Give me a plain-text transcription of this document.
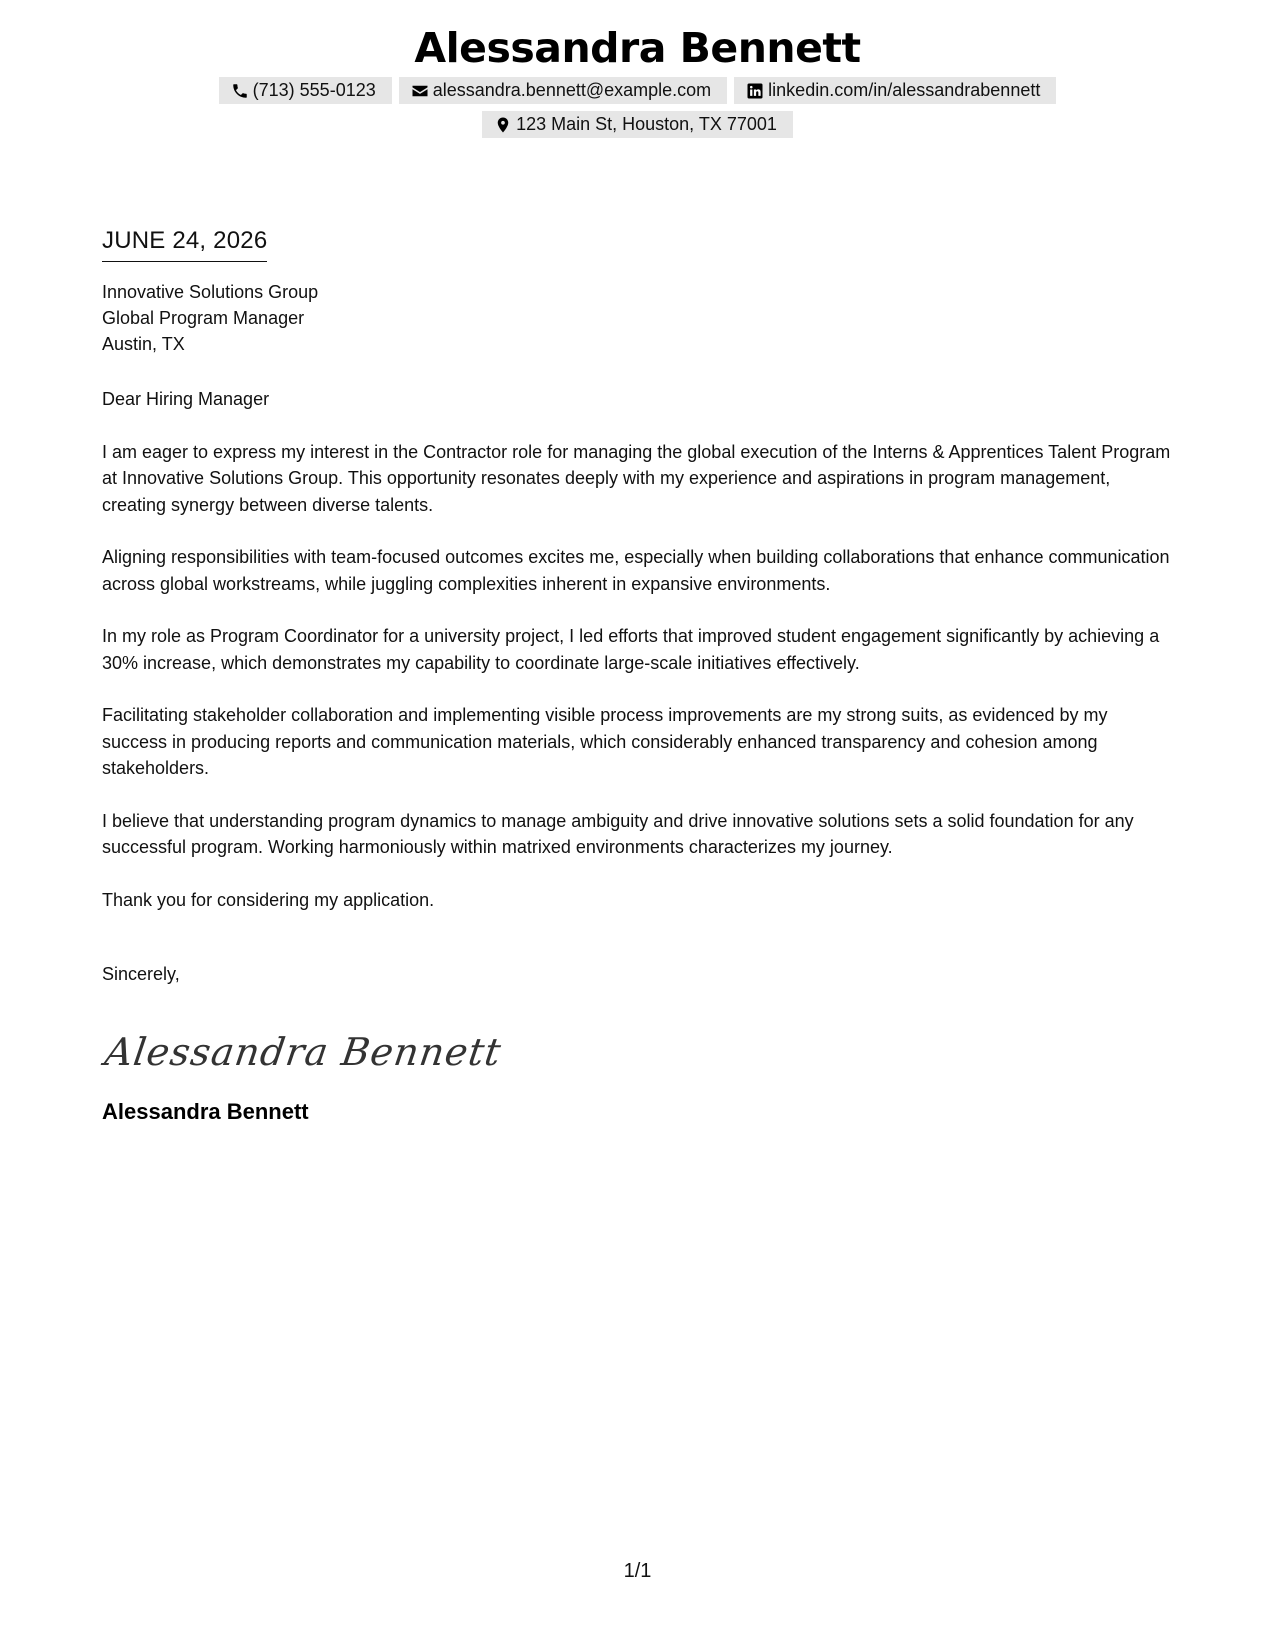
Alessandra Bennett
(713) 555-0123	alessandra.bennett@example.com	linkedin.com/in/alessandrabennett
123 Main St, Houston, TX 77001
JUNE 24, 2026
Innovative Solutions Group
Global Program Manager
Austin, TX
Dear Hiring Manager

I am eager to express my interest in the Contractor role for managing the global execution of the Interns & Apprentices Talent Program at Innovative Solutions Group. This opportunity resonates deeply with my experience and aspirations in program management, creating synergy between diverse talents.

Aligning responsibilities with team-focused outcomes excites me, especially when building collaborations that enhance communication across global workstreams, while juggling complexities inherent in expansive environments.

In my role as Program Coordinator for a university project, I led efforts that improved student engagement significantly by achieving a 30% increase, which demonstrates my capability to coordinate large-scale initiatives effectively.

Facilitating stakeholder collaboration and implementing visible process improvements are my strong suits, as evidenced by my success in producing reports and communication materials, which considerably enhanced transparency and cohesion among stakeholders.

I believe that understanding program dynamics to manage ambiguity and drive innovative solutions sets a solid foundation for any successful program. Working harmoniously within matrixed environments characterizes my journey.

Thank you for considering my application.

Sincerely,
Alessandra Bennett
Alessandra Bennett
1/1
